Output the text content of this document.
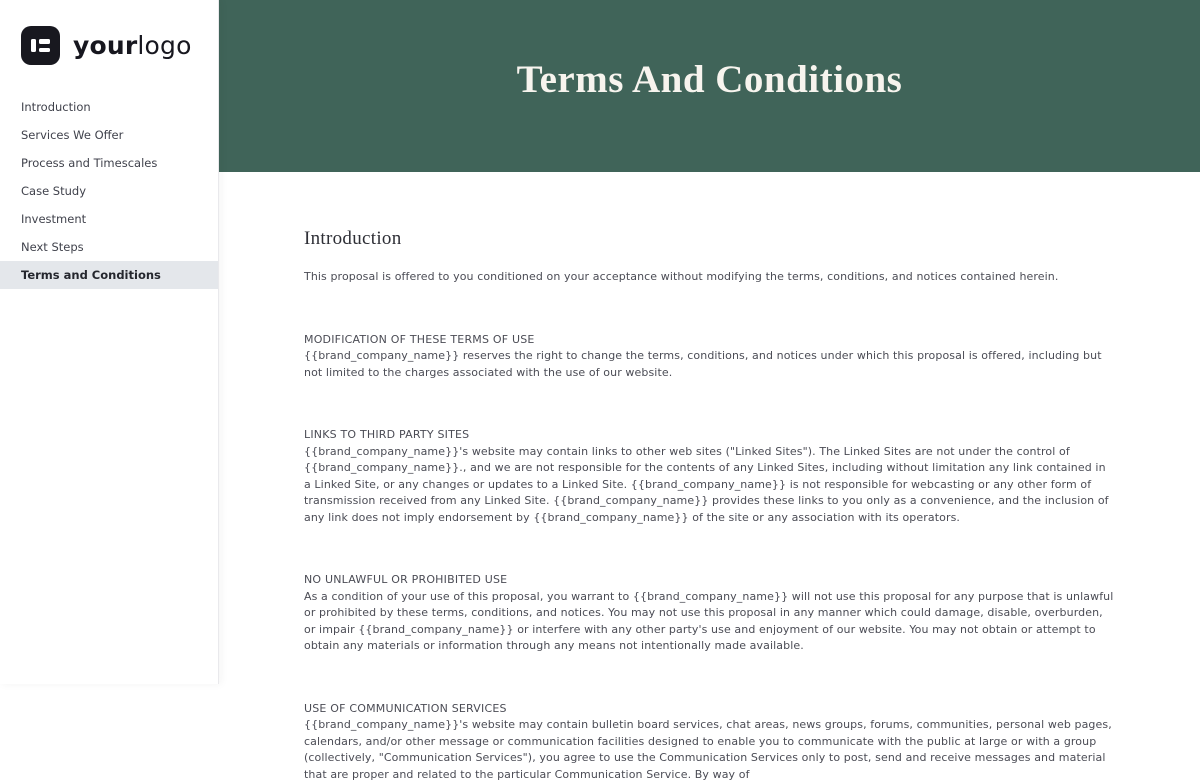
yourlogo
Introduction
Services We Offer
Process and Timescales
Case Study
Investment
Next Steps
Terms and Conditions
Terms And Conditions
Introduction

This proposal is offered to you conditioned on your acceptance without modifying the terms, conditions, and notices contained herein.

MODIFICATION OF THESE TERMS OF USE

{{brand_company_name}} reserves the right to change the terms, conditions, and notices under which this proposal is offered, including but not limited to the charges associated with the use of our website.

LINKS TO THIRD PARTY SITES

{{brand_company_name}}'s website may contain links to other web sites ("Linked Sites"). The Linked Sites are not under the control of {{brand_company_name}}., and we are not responsible for the contents of any Linked Sites, including without limitation any link contained in a Linked Site, or any changes or updates to a Linked Site. {{brand_company_name}} is not responsible for webcasting or any other form of transmission received from any Linked Site. {{brand_company_name}} provides these links to you only as a convenience, and the inclusion of any link does not imply endorsement by {{brand_company_name}} of the site or any association with its operators.

NO UNLAWFUL OR PROHIBITED USE

As a condition of your use of this proposal, you warrant to {{brand_company_name}} will not use this proposal for any purpose that is unlawful or prohibited by these terms, conditions, and notices. You may not use this proposal in any manner which could damage, disable, overburden, or impair {{brand_company_name}} or interfere with any other party's use and enjoyment of our website. You may not obtain or attempt to obtain any materials or information through any means not intentionally made available.

USE OF COMMUNICATION SERVICES

{{brand_company_name}}'s website may contain bulletin board services, chat areas, news groups, forums, communities, personal web pages, calendars, and/or other message or communication facilities designed to enable you to communicate with the public at large or with a group (collectively, "Communication Services"), you agree to use the Communication Services only to post, send and receive messages and material that are proper and related to the particular Communication Service. By way of
